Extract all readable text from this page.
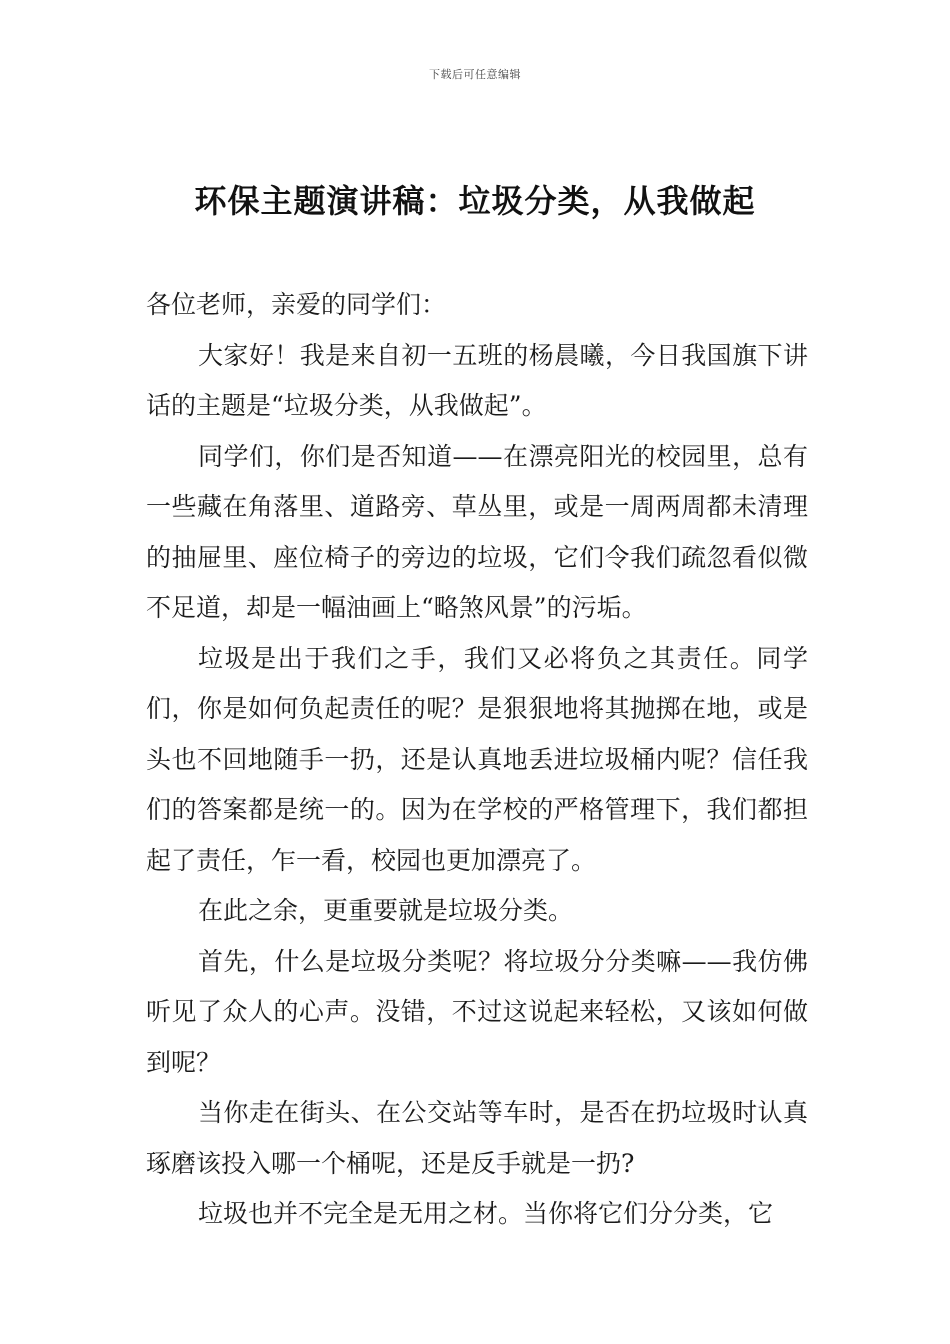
下载后可任意编辑
环保主题演讲稿：垃圾分类，从我做起

各位老师，亲爱的同学们：

大家好！我是来自初一五班的杨晨曦，今日我国旗下讲话的主题是“垃圾分类，从我做起”。

同学们，你们是否知道——在漂亮阳光的校园里，总有一些藏在角落里、道路旁、草丛里，或是一周两周都未清理的抽屉里、座位椅子的旁边的垃圾，它们令我们疏忽看似微不足道，却是一幅油画上“略煞风景”的污垢。

垃圾是出于我们之手，我们又必将负之其责任。同学们，你是如何负起责任的呢？是狠狠地将其抛掷在地，或是头也不回地随手一扔，还是认真地丢进垃圾桶内呢？信任我们的答案都是统一的。因为在学校的严格管理下，我们都担起了责任，乍一看，校园也更加漂亮了。

在此之余，更重要就是垃圾分类。

首先，什么是垃圾分类呢？将垃圾分分类嘛——我仿佛听见了众人的心声。没错，不过这说起来轻松，又该如何做到呢？

当你走在街头、在公交站等车时，是否在扔垃圾时认真琢磨该投入哪一个桶呢，还是反手就是一扔?

垃圾也并不完全是无用之材。当你将它们分分类，它
